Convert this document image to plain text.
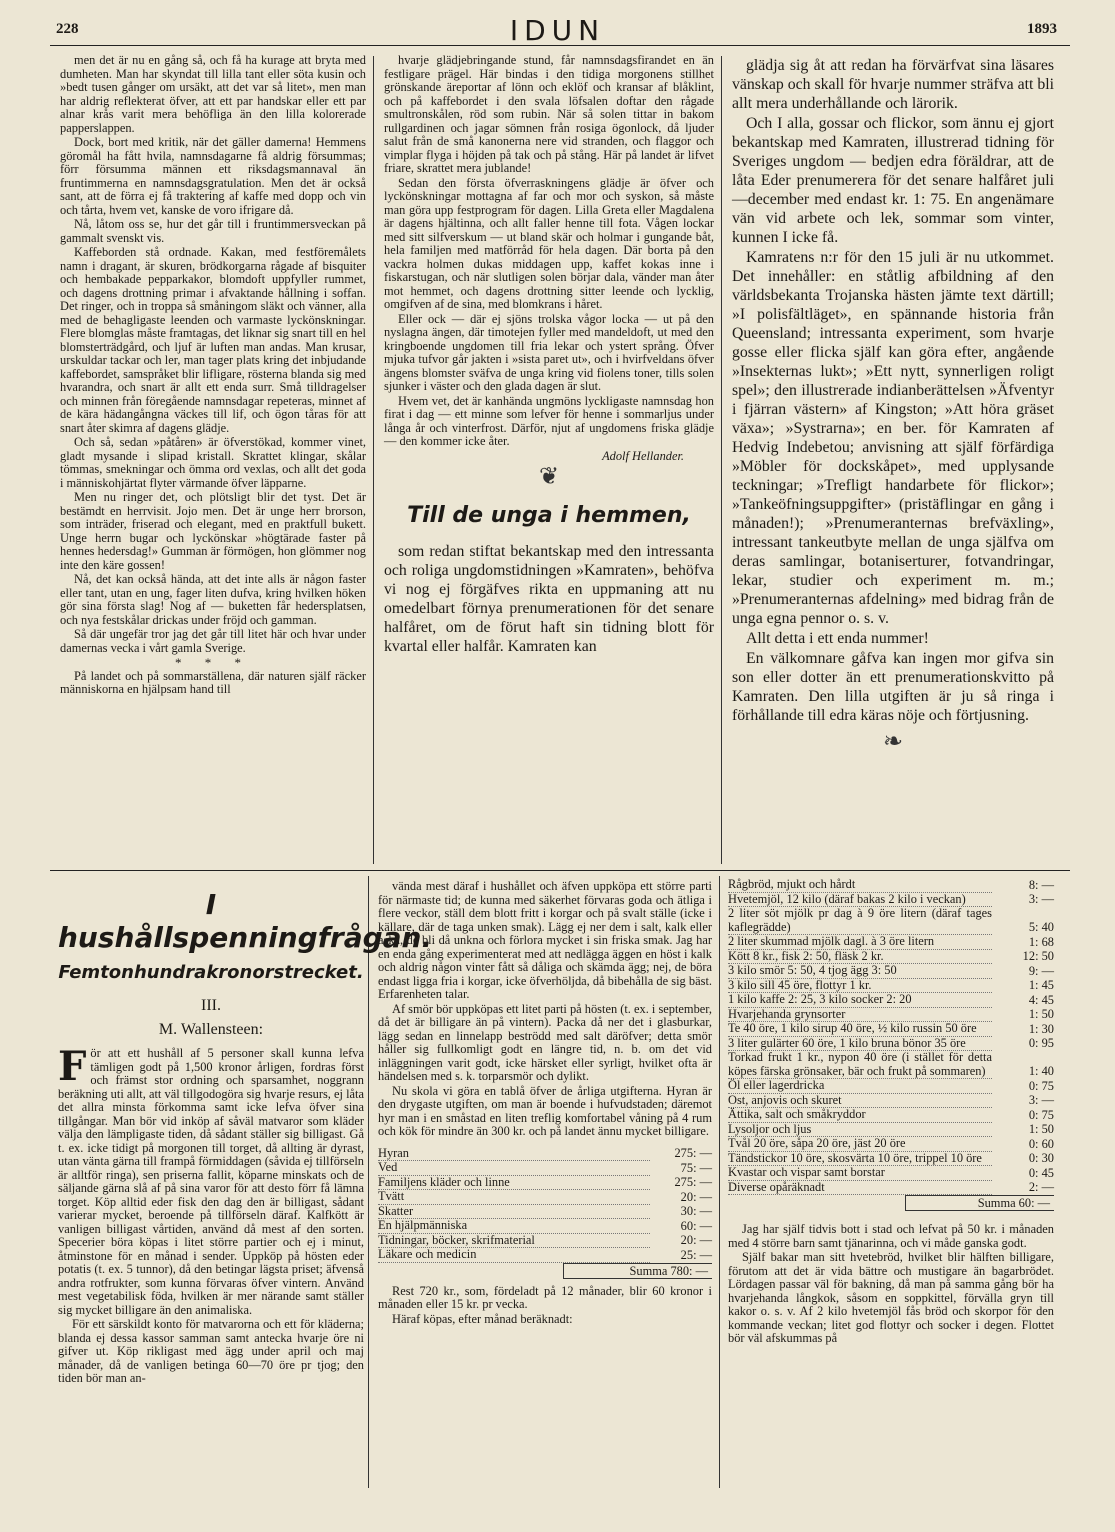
228	IDUN	1893

men det är nu en gång så, och få ha kurage att bryta med dumheten. Man har skyndat till lilla tant eller söta kusin och »bedt tusen gånger om ursäkt, att det var så litet», men man har aldrig reflekterat öfver, att ett par handskar eller ett par alnar krås varit mera behöfliga än den lilla kolorerade papperslappen.

Dock, bort med kritik, när det gäller damerna! Hemmens göromål ha fått hvila, namnsdagarne få aldrig försummas; förr försumma männen ett riksdagsmannaval än fruntimmerna en namnsdagsgratulation. Men det är också sant, att de förra ej få traktering af kaffe med dopp och vin och tårta, hvem vet, kanske de voro ifrigare då.

Nå, låtom oss se, hur det går till i fruntimmersveckan på gammalt svenskt vis.

Kaffeborden stå ordnade. Kakan, med festföremålets namn i dragant, är skuren, brödkorgarna rågade af bisquiter och hembakade pepparkakor, blomdoft uppfyller rummet, och dagens drottning primar i afvaktande hållning i soffan. Det ringer, och in troppa så småningom släkt och vänner, alla med de behagligaste leenden och varmaste lyckönskningar. Flere blomglas måste framtagas, det liknar sig snart till en hel blomsterträdgård, och ljuf är luften man andas. Man krusar, urskuldar tackar och ler, man tager plats kring det inbjudande kaffebordet, samspråket blir lifligare, rösterna blanda sig med hvarandra, och snart är allt ett enda surr. Små tilldragelser och minnen från föregående namnsdagar repeteras, minnet af de kära hädangångna väckes till lif, och ögon tåras för att snart åter skimra af dagens glädje.

Och så, sedan »påtåren» är öfverstökad, kommer vinet, gladt mysande i slipad kristall. Skrattet klingar, skålar tömmas, smekningar och ömma ord vexlas, och allt det goda i människohjärtat flyter värmande öfver läpparne.

Men nu ringer det, och plötsligt blir det tyst. Det är bestämdt en herrvisit. Jojo men. Det är unge herr brorson, som inträder, friserad och elegant, med en praktfull bukett. Unge herrn bugar och lyckönskar »högtärade faster på hennes hedersdag!» Gumman är förmögen, hon glömmer nog inte den käre gossen!

Nå, det kan också hända, att det inte alls är någon faster eller tant, utan en ung, fager liten dufva, kring hvilken höken gör sina första slag! Nog af — buketten får hedersplatsen, och nya festskålar drickas under fröjd och gamman.

Så där ungefär tror jag det går till litet här och hvar under damernas vecka i vårt gamla Sverige.

* * *

På landet och på sommarställena, där naturen själf räcker människorna en hjälpsam hand till

hvarje glädjebringande stund, får namnsdagsfirandet en än festligare prägel. Här bindas i den tidiga morgonens stillhet grönskande äreportar af lönn och eklöf och kransar af blåklint, och på kaffebordet i den svala löfsalen doftar den rågade smultronskålen, röd som rubin. När så solen tittar in bakom rullgardinen och jagar sömnen från rosiga ögonlock, då ljuder salut från de små kanonerna nere vid stranden, och flaggor och vimplar flyga i höjden på tak och på stång. Här på landet är lifvet friare, skrattet mera jublande!

Sedan den första öfverraskningens glädje är öfver och lyckönskningar mottagna af far och mor och syskon, så måste man göra upp festprogram för dagen. Lilla Greta eller Magdalena är dagens hjältinna, och allt faller henne till fota. Vågen lockar med sitt silfverskum — ut bland skär och holmar i gungande båt, hela familjen med matförråd för hela dagen. Där borta på den vackra holmen dukas middagen upp, kaffet kokas inne i fiskarstugan, och när slutligen solen börjar dala, vänder man åter mot hemmet, och dagens drottning sitter leende och lycklig, omgifven af de sina, med blomkrans i håret.

Eller ock — där ej sjöns trolska vågor locka — ut på den nyslagna ängen, där timotejen fyller med mandeldoft, ut med den kringboende ungdomen till fria lekar och ystert språng. Öfver mjuka tufvor går jakten i »sista paret ut», och i hvirfveldans öfver ängens blomster sväfva de unga kring vid fiolens toner, tills solen sjunker i väster och den glada dagen är slut.

Hvem vet, det är kanhända ungmöns lyckligaste namnsdag hon firat i dag — ett minne som lefver för henne i sommarljus under långa år och vinterfrost. Därför, njut af ungdomens friska glädje — den kommer icke åter.

Adolf Hellander.
❦
Till de unga i hemmen,

som redan stiftat bekantskap med den intressanta och roliga ungdomstidningen »Kamraten», behöfva vi nog ej förgäfves rikta en uppmaning att nu omedelbart förnya prenumerationen för det senare halfåret, om de förut haft sin tidning blott för kvartal eller halfår. Kamraten kan

glädja sig åt att redan ha förvärfvat sina läsares vänskap och skall för hvarje nummer sträfva att bli allt mera underhållande och lärorik.

Och I alla, gossar och flickor, som ännu ej gjort bekantskap med Kamraten, illustrerad tidning för Sveriges ungdom — bedjen edra föräldrar, att de låta Eder prenumerera för det senare halfåret juli—december med endast kr. 1: 75. En angenämare vän vid arbete och lek, sommar som vinter, kunnen I icke få.

Kamratens n:r för den 15 juli är nu utkommet. Det innehåller: en ståtlig afbildning af den världsbekanta Trojanska hästen jämte text därtill; »I polisfältläget», en spännande historia från Queensland; intressanta experiment, som hvarje gosse eller flicka själf kan göra efter, angående »Insekternas lukt»; »Ett nytt, synnerligen roligt spel»; den illustrerade indianberättelsen »Äfventyr i fjärran västern» af Kingston; »Att höra gräset växa»; »Systrarna»; en ber. för Kamraten af Hedvig Indebetou; anvisning att själf förfärdiga »Möbler för dockskåpet», med upplysande teckningar; »Trefligt handarbete för flickor»; »Tankeöfningsuppgifter» (pristäflingar en gång i månaden!); »Prenumeranternas brefväxling», intressant tankeutbyte mellan de unga själfva om deras samlingar, botaniserturer, fotvandringar, lekar, studier och experiment m. m.; »Prenumeranternas afdelning» med bidrag från de unga egna pennor o. s. v.

Allt detta i ett enda nummer!

En välkomnare gåfva kan ingen mor gifva sin son eller dotter än ett prenumerationskvitto på Kamraten. Den lilla utgiften är ju så ringa i förhållande till edra käras nöje och förtjusning.

❧
I hushållspenningfrågan.
Femtonhundrakronorstrecket.
III.
M. Wallensteen:

För att ett hushåll af 5 personer skall kunna lefva tämligen godt på 1,500 kronor årligen, fordras först och främst stor ordning och sparsamhet, noggrann beräkning uti allt, att väl tillgodogöra sig hvarje resurs, ej låta det allra minsta förkomma samt icke lefva öfver sina tillgångar. Man bör vid inköp af såväl matvaror som kläder välja den lämpligaste tiden, då sådant ställer sig billigast. Gå t. ex. icke tidigt på morgonen till torget, då allting är dyrast, utan vänta gärna till frampå förmiddagen (såvida ej tillförseln är alltför ringa), sen priserna fallit, köparne minskats och de säljande gärna slå af på sina varor för att desto förr få lämna torget. Köp alltid eder fisk den dag den är billigast, sådant varierar mycket, beroende på tillförseln däraf. Kalfkött är vanligen billigast vårtiden, använd då mest af den sorten. Specerier böra köpas i litet större partier och ej i minut, åtminstone för en månad i sender. Uppköp på hösten eder potatis (t. ex. 5 tunnor), då den betingar lägsta priset; äfvenså andra rotfrukter, som kunna förvaras öfver vintern. Använd mest vegetabilisk föda, hvilken är mer närande samt ställer sig mycket billigare än den animaliska.

För ett särskildt konto för matvarorna och ett för kläderna; blanda ej dessa kassor samman samt antecka hvarje öre ni gifver ut. Köp rikligast med ägg under april och maj månader, då de vanligen betinga 60—70 öre pr tjog; den tiden bör man an-

vända mest däraf i hushållet och äfven uppköpa ett större parti för närmaste tid; de kunna med säkerhet förvaras goda och ätliga i flere veckor, ställ dem blott fritt i korgar och på svalt ställe (icke i källare, där de taga unken smak). Lägg ej ner dem i salt, kalk eller aska, de bli då unkna och förlora mycket i sin friska smak. Jag har en enda gång experimenterat med att nedlägga äggen en höst i kalk och aldrig någon vinter fått så dåliga och skämda ägg; nej, de böra endast ligga fria i korgar, icke öfverhöljda, då bibehålla de sig bäst. Erfarenheten talar.

Af smör bör uppköpas ett litet parti på hösten (t. ex. i september, då det är billigare än på vintern). Packa då ner det i glasburkar, lägg sedan en linnelapp beströdd med salt däröfver; detta smör håller sig fullkomligt godt en längre tid, n. b. om det vid inläggningen varit godt, icke härsket eller syrligt, hvilket ofta är händelsen med s. k. torparsmör och dylikt.

Nu skola vi göra en tablå öfver de årliga utgifterna. Hyran är den drygaste utgiften, om man är boende i hufvudstaden; däremot hyr man i en småstad en liten treflig komfortabel våning på 4 rum och kök för mindre än 300 kr. och på landet ännu mycket billigare.

Hyran	275: —
Ved	75: —
Familjens kläder och linne	275: —
Tvätt	20: —
Skatter	30: —
En hjälpmänniska	60: —
Tidningar, böcker, skrifmaterial	20: —
Läkare och medicin	25: —
Summa 780: —

Rest 720 kr., som, fördeladt på 12 månader, blir 60 kronor i månaden eller 15 kr. pr vecka.

Häraf köpas, efter månad beräknadt:

Rågbröd, mjukt och hårdt	8: —
Hvetemjöl, 12 kilo (däraf bakas 2 kilo i veckan)	3: —
2 liter söt mjölk pr dag à 9 öre litern (däraf tages kaflegrädde)	5: 40
2 liter skummad mjölk dagl. à 3 öre litern	1: 68
Kött 8 kr., fisk 2: 50, fläsk 2 kr.	12: 50
3 kilo smör 5: 50, 4 tjog ägg 3: 50	9: —
3 kilo sill 45 öre, flottyr 1 kr.	1: 45
1 kilo kaffe 2: 25, 3 kilo socker 2: 20	4: 45
Hvarjehanda grynsorter	1: 50
Te 40 öre, 1 kilo sirup 40 öre, ½ kilo russin 50 öre	1: 30
3 liter gulärter 60 öre, 1 kilo bruna bönor 35 öre	0: 95
Torkad frukt 1 kr., nypon 40 öre (i stället för detta köpes färska grönsaker, bär och frukt på sommaren)	1: 40
Öl eller lagerdricka	0: 75
Ost, anjovis och skuret	3: —
Ättika, salt och småkryddor	0: 75
Lysoljor och ljus	1: 50
Tvål 20 öre, såpa 20 öre, jäst 20 öre	0: 60
Tändstickor 10 öre, skosvärta 10 öre, trippel 10 öre	0: 30
Kvastar och vispar samt borstar	0: 45
Diverse opåräknadt	2: —
Summa 60: —

Jag har själf tidvis bott i stad och lefvat på 50 kr. i månaden med 4 större barn samt tjänarinna, och vi måde ganska godt.

Själf bakar man sitt hvetebröd, hvilket blir hälften billigare, förutom att det är vida bättre och mustigare än bagarbrödet. Lördagen passar väl för bakning, då man på samma gång bör ha hvarjehanda långkok, såsom en soppkittel, förvälla gryn till kakor o. s. v. Af 2 kilo hvetemjöl fås bröd och skorpor för den kommande veckan; litet god flottyr och socker i degen. Flottet bör väl afskummas på
